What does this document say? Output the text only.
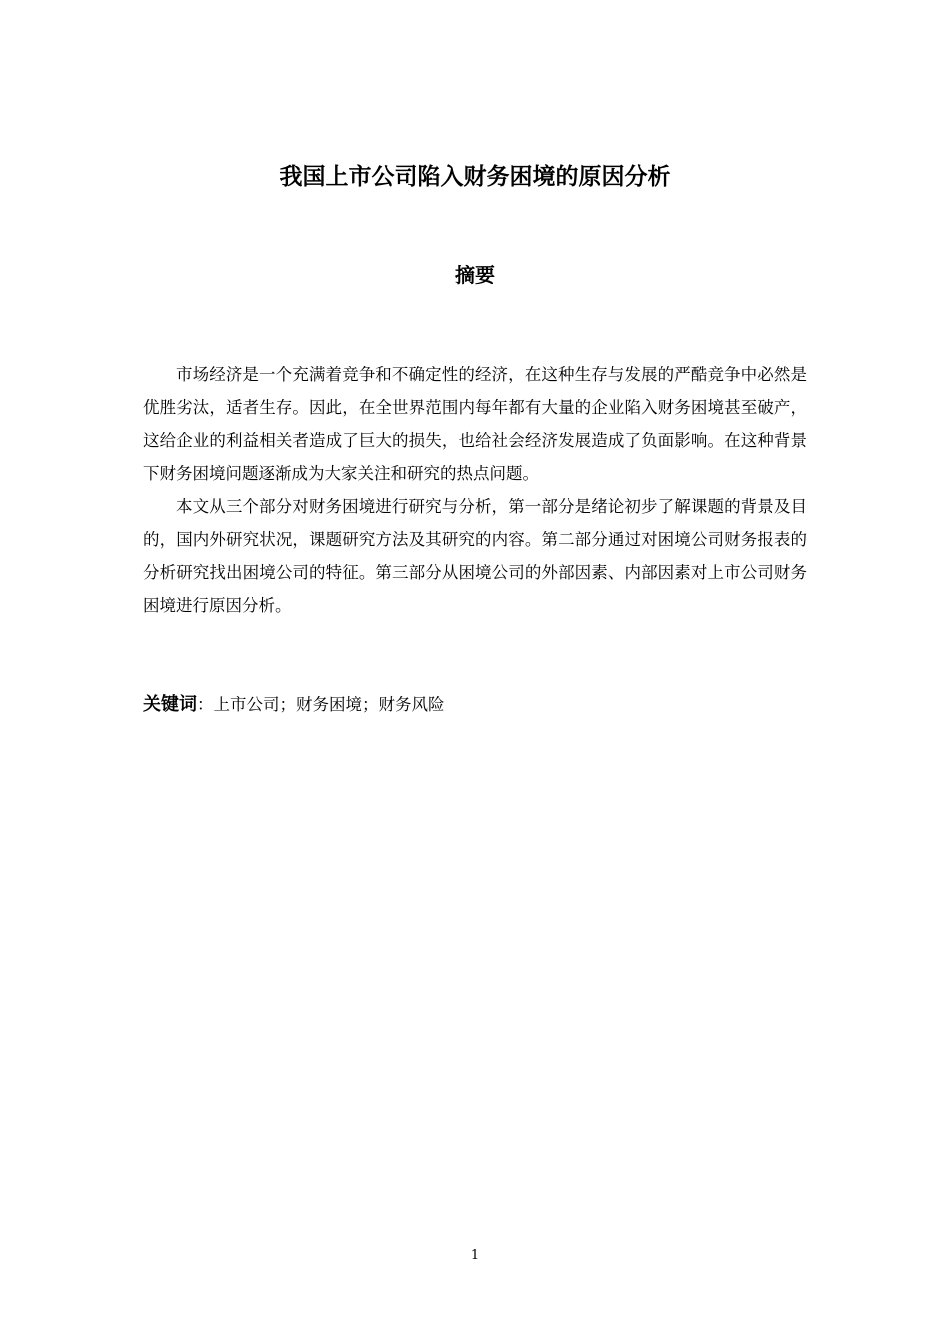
我国上市公司陷入财务困境的原因分析
摘要

市场经济是一个充满着竞争和不确定性的经济，在这种生存与发展的严酷竞争中必然是优胜劣汰，适者生存。因此，在全世界范围内每年都有大量的企业陷入财务困境甚至破产，这给企业的利益相关者造成了巨大的损失，也给社会经济发展造成了负面影响。在这种背景下财务困境问题逐渐成为大家关注和研究的热点问题。

本文从三个部分对财务困境进行研究与分析，第一部分是绪论初步了解课题的背景及目的，国内外研究状况，课题研究方法及其研究的内容。第二部分通过对困境公司财务报表的分析研究找出困境公司的特征。第三部分从困境公司的外部因素、内部因素对上市公司财务困境进行原因分析。

关键词：上市公司；财务困境；财务风险
1
